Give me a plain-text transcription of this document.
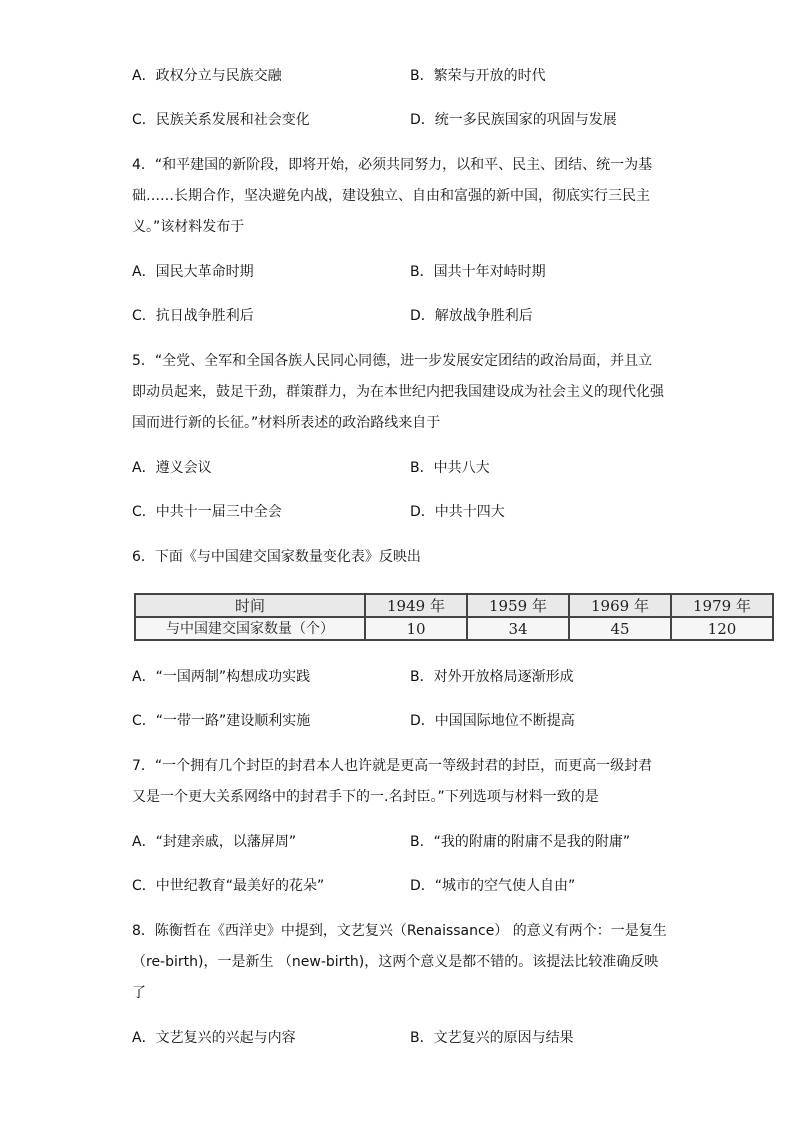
A．政权分立与民族交融	B．繁荣与开放的时代
C．民族关系发展和社会变化	D．统一多民族国家的巩固与发展
4．“和平建国的新阶段，即将开始，必须共同努力，以和平、民主、团结、统一为基
础……长期合作，坚决避免内战，建设独立、自由和富强的新中国，彻底实行三民主
义。”该材料发布于
A．国民大革命时期	B．国共十年对峙时期
C．抗日战争胜利后	D．解放战争胜利后
5．“全党、全军和全国各族人民同心同德，进一步发展安定团结的政治局面，并且立
即动员起来，鼓足干劲，群策群力，为在本世纪内把我国建设成为社会主义的现代化强
国而进行新的长征。”材料所表述的政治路线来自于
A．遵义会议	B．中共八大
C．中共十一届三中全会	D．中共十四大
6．下面《与中国建交国家数量变化表》反映出
时间	1949 年	1959 年	1969 年	1979 年
与中国建交国家数量（个）	10	34	45	120
A．“一国两制”构想成功实践	B．对外开放格局逐渐形成
C．“一带一路”建设顺利实施	D．中国国际地位不断提高
7．“一个拥有几个封臣的封君本人也许就是更高一等级封君的封臣，而更高一级封君
又是一个更大关系网络中的封君手下的一.名封臣。”下列选项与材料一致的是
A．“封建亲戚，以藩屏周”	B．“我的附庸的附庸不是我的附庸”
C．中世纪教育“最美好的花朵”	D．“城市的空气使人自由”
8．陈衡哲在《西洋史》中提到，文艺复兴（Renaissance） 的意义有两个：一是复生
（re-birth)，一是新生 （new-birth)，这两个意义是都不错的。该提法比较准确反映
了
A．文艺复兴的兴起与内容	B．文艺复兴的原因与结果
